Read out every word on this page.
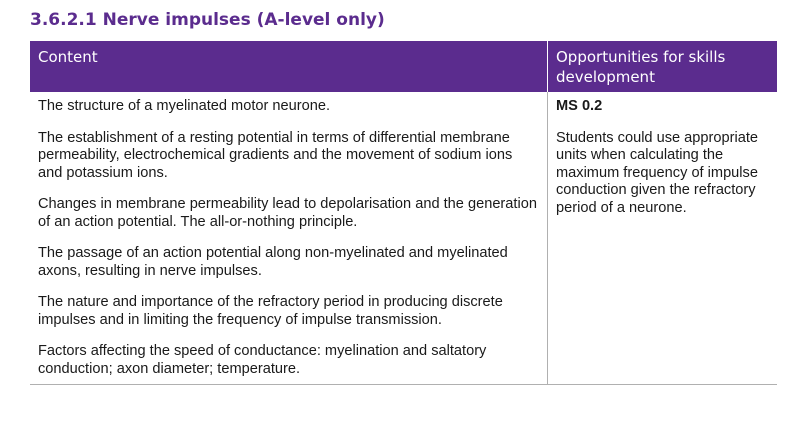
3.6.2.1 Nerve impulses (A-level only)
Content	Opportunities for skills development

The structure of a myelinated motor neurone.

The establishment of a resting potential in terms of differential membrane permeability, electrochemical gradients and the movement of sodium ions and potassium ions.

Changes in membrane permeability lead to depolarisation and the generation of an action potential. The all-or-nothing principle.

The passage of an action potential along non-myelinated and myelinated axons, resulting in nerve impulses.

The nature and importance of the refractory period in producing discrete impulses and in limiting the frequency of impulse transmission.

Factors affecting the speed of conductance: myelination and saltatory conduction; axon diameter; temperature.

MS 0.2

Students could use appropriate units when calculating the maximum frequency of impulse conduction given the refractory period of a neurone.
